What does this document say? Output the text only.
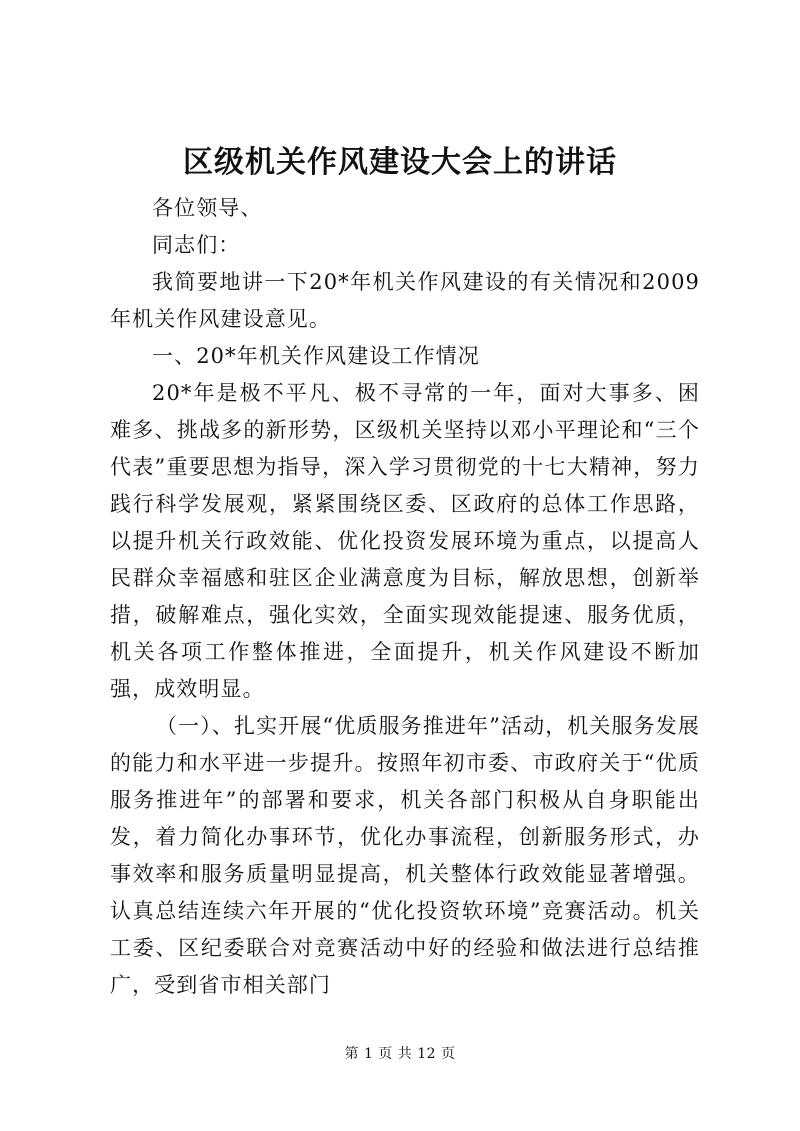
区级机关作风建设大会上的讲话

各位领导、

同志们：

我简要地讲一下20*年机关作风建设的有关情况和2009年机关作风建设意见。

一、20*年机关作风建设工作情况

20*年是极不平凡、极不寻常的一年，面对大事多、困难多、挑战多的新形势，区级机关坚持以邓小平理论和“三个代表”重要思想为指导，深入学习贯彻党的十七大精神，努力践行科学发展观，紧紧围绕区委、区政府的总体工作思路，以提升机关行政效能、优化投资发展环境为重点，以提高人民群众幸福感和驻区企业满意度为目标，解放思想，创新举措，破解难点，强化实效，全面实现效能提速、服务优质，机关各项工作整体推进，全面提升，机关作风建设不断加强，成效明显。

（一）、扎实开展“优质服务推进年”活动，机关服务发展的能力和水平进一步提升。按照年初市委、市政府关于“优质服务推进年”的部署和要求，机关各部门积极从自身职能出发，着力简化办事环节，优化办事流程，创新服务形式，办事效率和服务质量明显提高，机关整体行政效能显著增强。认真总结连续六年开展的“优化投资软环境”竞赛活动。机关工委、区纪委联合对竞赛活动中好的经验和做法进行总结推广，受到省市相关部门

第 1 页 共 12 页
